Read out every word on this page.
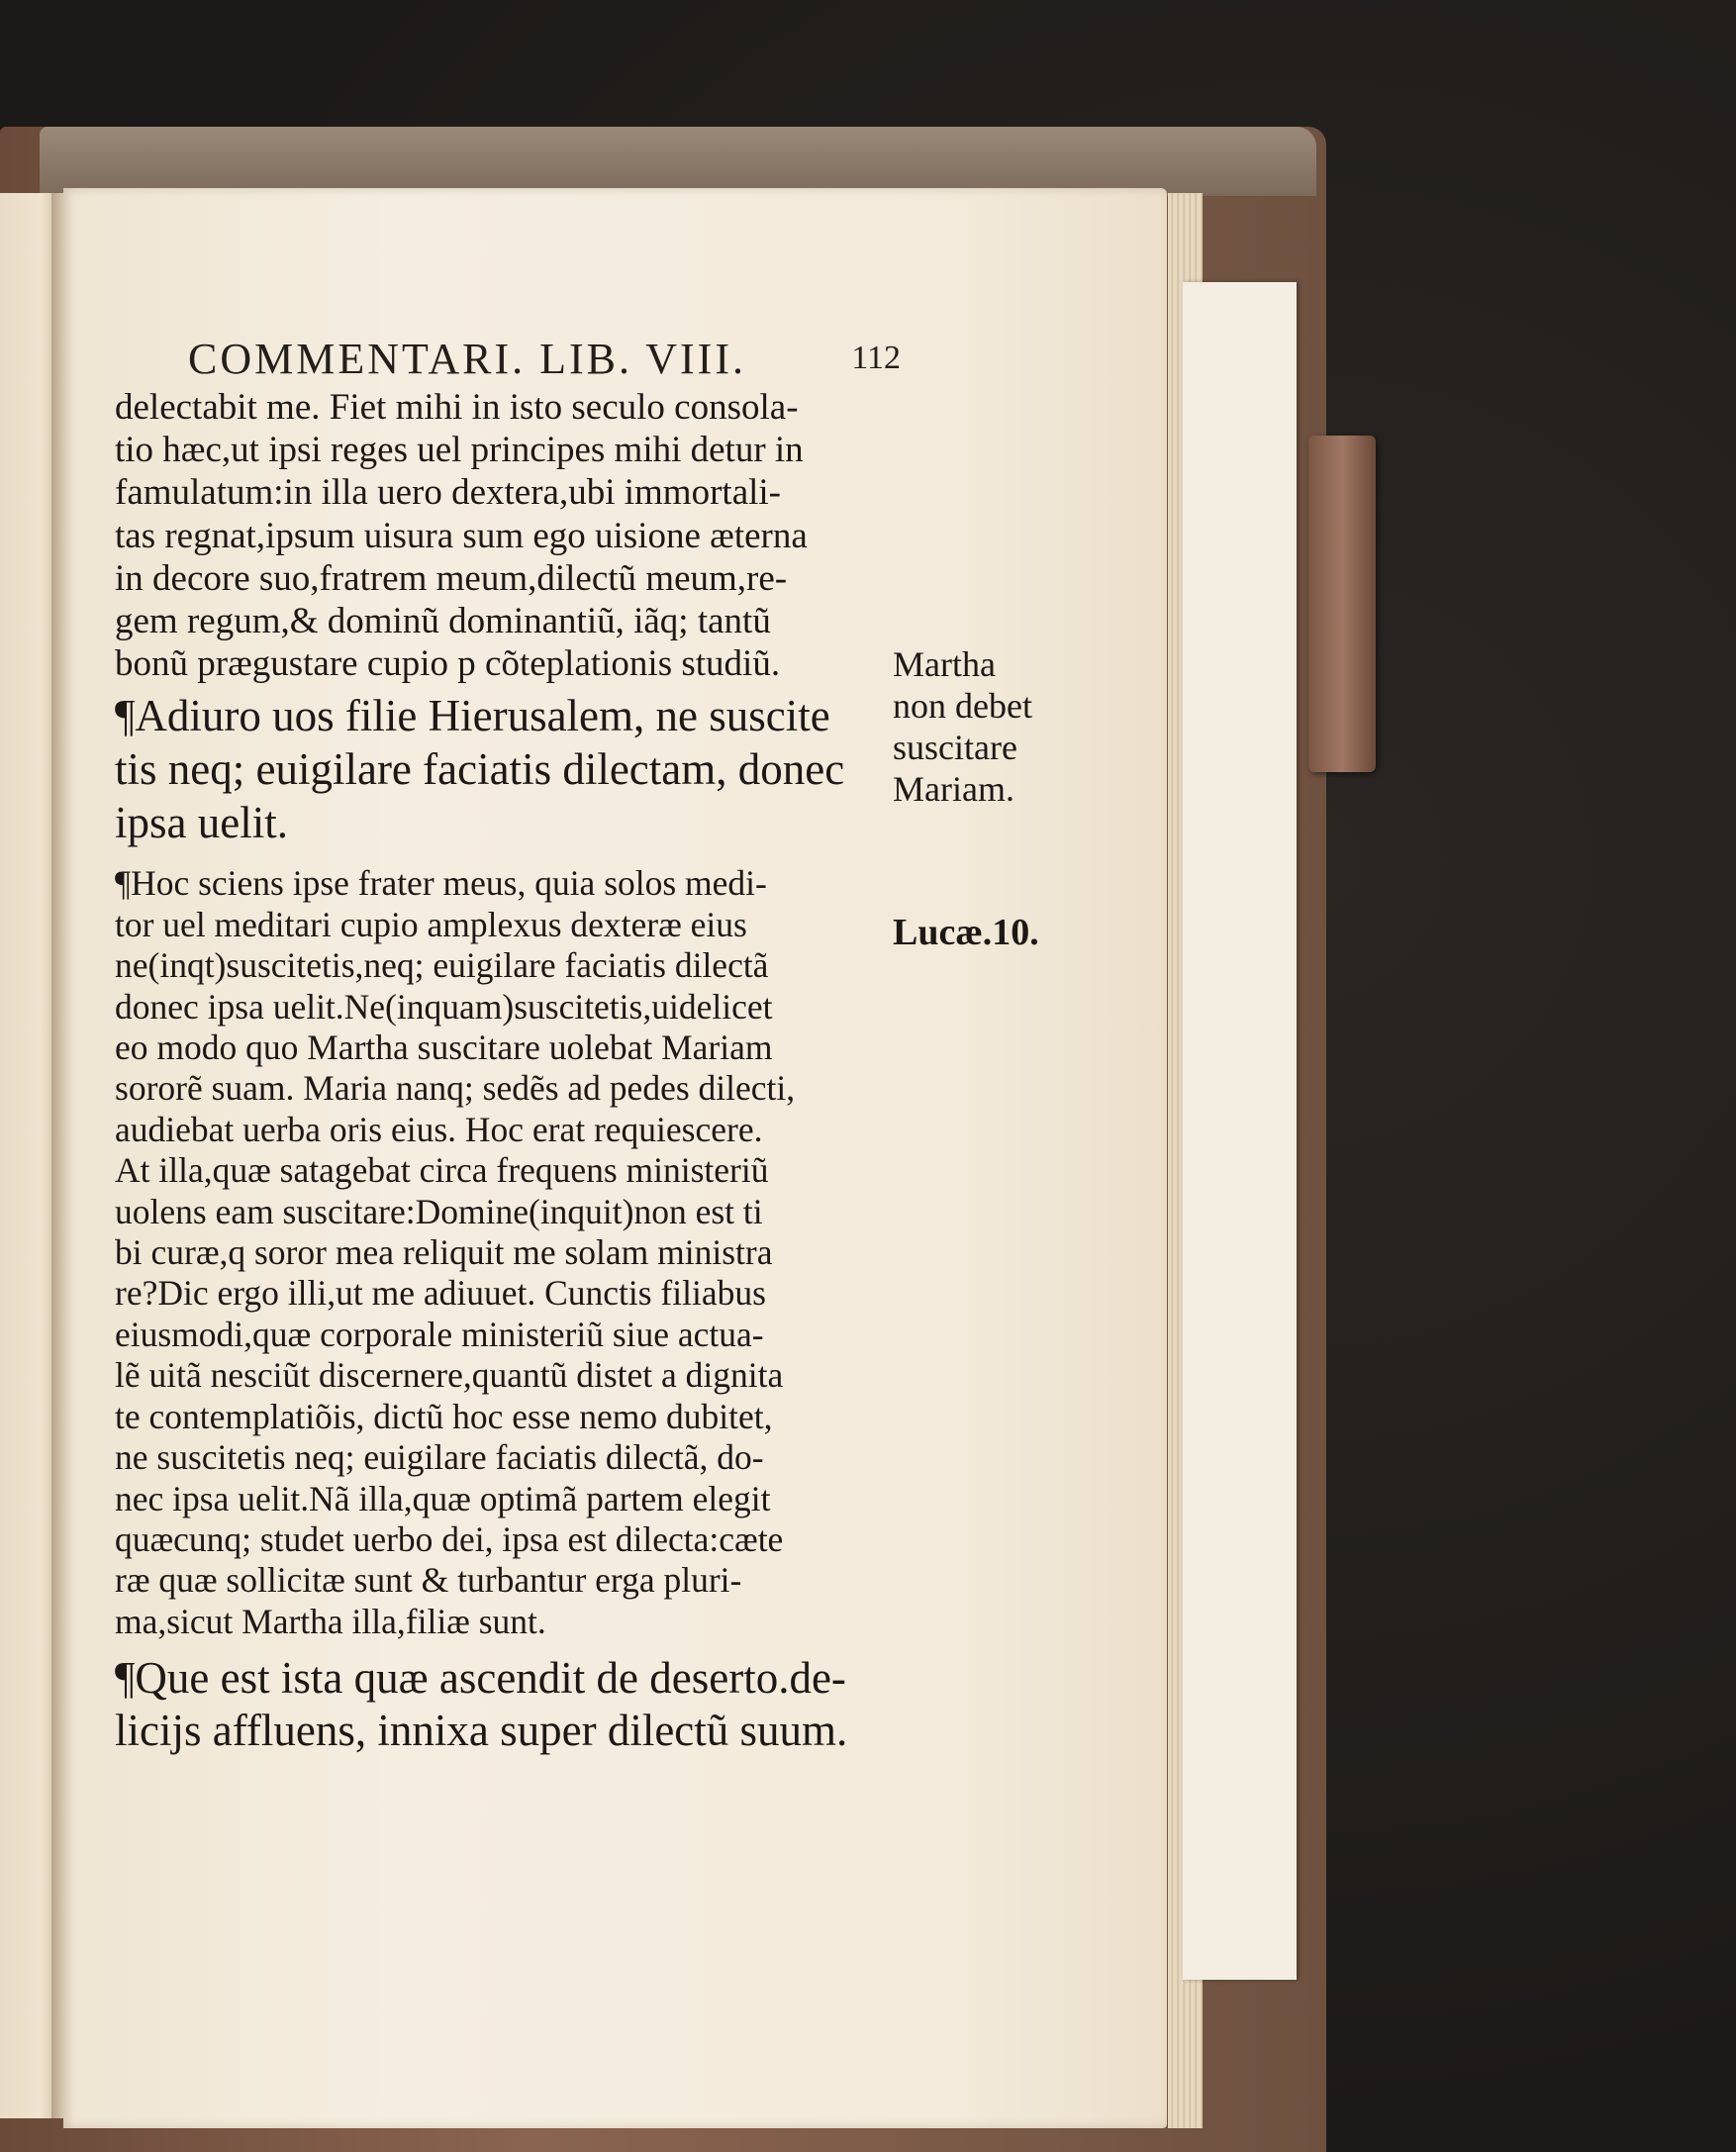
COMMENTARI. LIB. VIII.	112
delectabit me. Fiet mihi in isto seculo consola-
tio hæc,ut ipsi reges uel principes mihi detur in
famulatum:in illa uero dextera,ubi immortali-
tas regnat,ipsum uisura sum ego uisione æterna
in decore suo,fratrem meum,dilectũ meum,re-
gem regum,& dominũ dominantiũ, iãq; tantũ
bonũ prægustare cupio p cõteplationis studiũ.
¶Adiuro uos filie Hierusalem, ne suscite
tis neq; euigilare faciatis dilectam, donec
ipsa uelit.
¶Hoc sciens ipse frater meus, quia solos medi-
tor uel meditari cupio amplexus dexteræ eius
ne(inqt)suscitetis,neq; euigilare faciatis dilectã
donec ipsa uelit.Ne(inquam)suscitetis,uidelicet
eo modo quo Martha suscitare uolebat Mariam
sororẽ suam. Maria nanq; sedẽs ad pedes dilecti,
audiebat uerba oris eius. Hoc erat requiescere.
At illa,quæ satagebat circa frequens ministeriũ
uolens eam suscitare:Domine(inquit)non est ti
bi curæ,q soror mea reliquit me solam ministra
re?Dic ergo illi,ut me adiuuet. Cunctis filiabus
eiusmodi,quæ corporale ministeriũ siue actua-
lẽ uitã nesciũt discernere,quantũ distet a dignita
te contemplatiõis, dictũ hoc esse nemo dubitet,
ne suscitetis neq; euigilare faciatis dilectã, do-
nec ipsa uelit.Nã illa,quæ optimã partem elegit
quæcunq; studet uerbo dei, ipsa est dilecta:cæte
ræ quæ sollicitæ sunt & turbantur erga pluri-
ma,sicut Martha illa,filiæ sunt.
¶Que est ista quæ ascendit de deserto.de-
licijs affluens, innixa super dilectũ suum.
Martha
non debet
suscitare
Mariam.
Lucæ.10.
